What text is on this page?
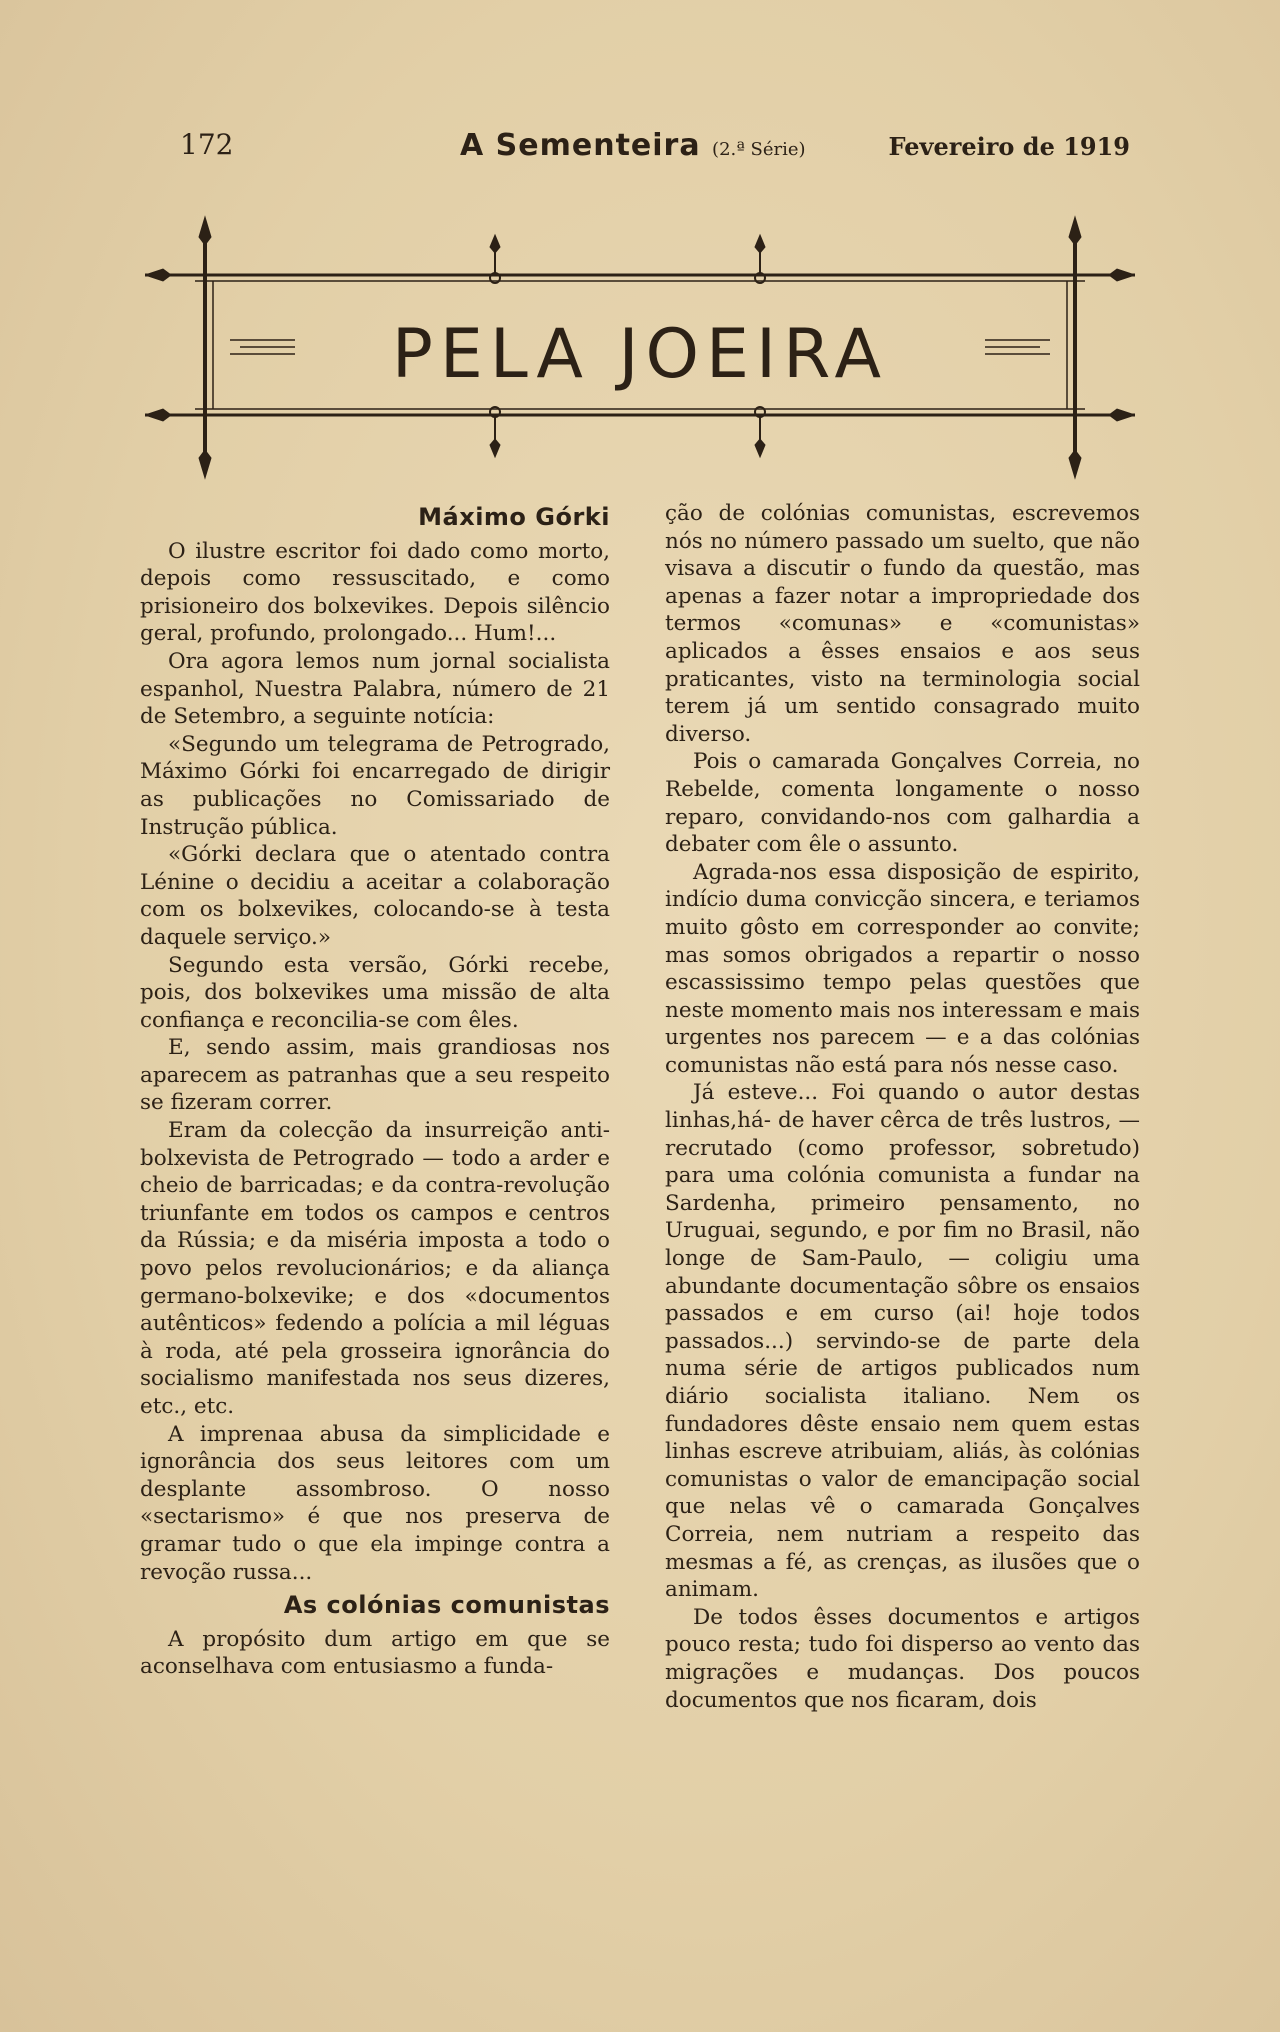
172	A Sementeira (2.ª Série)	Fevereiro de 1919
PELA JOEIRA
Máximo Górki

O ilustre escritor foi dado como morto, depois como ressuscitado, e como prisioneiro dos bolxevikes. Depois silêncio geral, profundo, prolongado... Hum!...

Ora agora lemos num jornal socialista espanhol, Nuestra Palabra, número de 21 de Setembro, a seguinte notícia:

«Segundo um telegrama de Petrogrado, Máximo Górki foi encarregado de dirigir as publicações no Comissariado de Instrução pública.

«Górki declara que o atentado contra Lénine o decidiu a aceitar a colaboração com os bolxevikes, colocando-se à testa daquele serviço.»

Segundo esta versão, Górki recebe, pois, dos bolxevikes uma missão de alta confiança e reconcilia-se com êles.

E, sendo assim, mais grandiosas nos aparecem as patranhas que a seu respeito se fizeram correr.

Eram da colecção da insurreição anti-bolxevista de Petrogrado — todo a arder e cheio de barricadas; e da contra-revolução triunfante em todos os campos e centros da Rússia; e da miséria imposta a todo o povo pelos revolucionários; e da aliança germano-bolxevike; e dos «documentos autênticos» fedendo a polícia a mil léguas à roda, até pela grosseira ignorância do socialismo manifestada nos seus dizeres, etc., etc.

A imprenaa abusa da simplicidade e ignorância dos seus leitores com um desplante assombroso. O nosso «sectarismo» é que nos preserva de gramar tudo o que ela impinge contra a revoção russa...

As colónias comunistas

A propósito dum artigo em que se aconselhava com entusiasmo a funda-

ção de colónias comunistas, escrevemos nós no número passado um suelto, que não visava a discutir o fundo da questão, mas apenas a fazer notar a impropriedade dos termos «comunas» e «comunistas» aplicados a êsses ensaios e aos seus praticantes, visto na terminologia social terem já um sentido consagrado muito diverso.

Pois o camarada Gonçalves Correia, no Rebelde, comenta longamente o nosso reparo, convidando-nos com galhardia a debater com êle o assunto.

Agrada-nos essa disposição de espirito, indício duma convicção sincera, e teriamos muito gôsto em corresponder ao convite; mas somos obrigados a repartir o nosso escassissimo tempo pelas questões que neste momento mais nos interessam e mais urgentes nos parecem — e a das colónias comunistas não está para nós nesse caso.

Já esteve... Foi quando o autor destas linhas,há- de haver cêrca de três lustros, — recrutado (como professor, sobretudo) para uma colónia comunista a fundar na Sardenha, primeiro pensamento, no Uruguai, segundo, e por fim no Brasil, não longe de Sam-Paulo, — coligiu uma abundante documentação sôbre os ensaios passados e em curso (ai! hoje todos passados...) servindo-se de parte dela numa série de artigos publicados num diário socialista italiano. Nem os fundadores dêste ensaio nem quem estas linhas escreve atribuiam, aliás, às colónias comunistas o valor de emancipação social que nelas vê o camarada Gonçalves Correia, nem nutriam a respeito das mesmas a fé, as crenças, as ilusões que o animam.

De todos êsses documentos e artigos pouco resta; tudo foi disperso ao vento das migrações e mudanças. Dos poucos documentos que nos ficaram, dois
